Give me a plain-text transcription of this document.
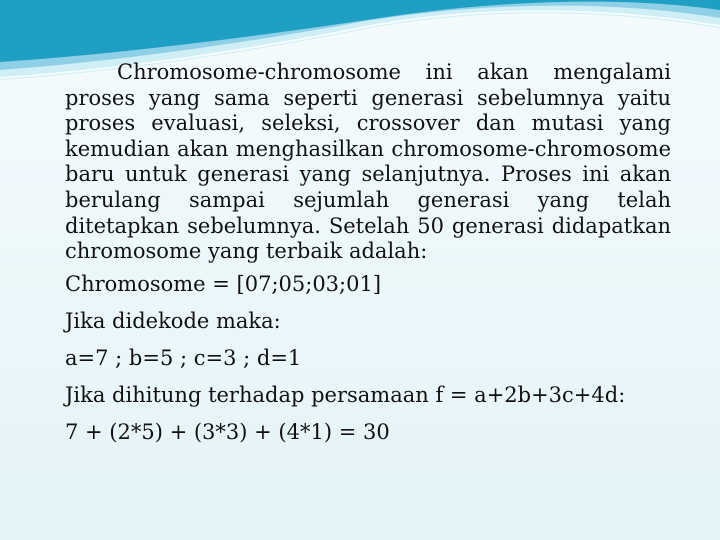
Chromosome-chromosome ini akan mengalami proses yang sama seperti generasi sebelumnya yaitu proses evaluasi, seleksi, crossover dan mutasi yang kemudian akan menghasilkan chromosome-chromosome baru untuk generasi yang selanjutnya. Proses ini akan berulang sampai sejumlah generasi yang telah ditetapkan sebelumnya. Setelah 50 generasi didapatkan chromosome yang terbaik adalah:

Chromosome = [07;05;03;01]

Jika didekode maka:

a=7 ; b=5 ; c=3 ; d=1

Jika dihitung terhadap persamaan f = a+2b+3c+4d:

7 + (2*5) + (3*3) + (4*1) = 30
